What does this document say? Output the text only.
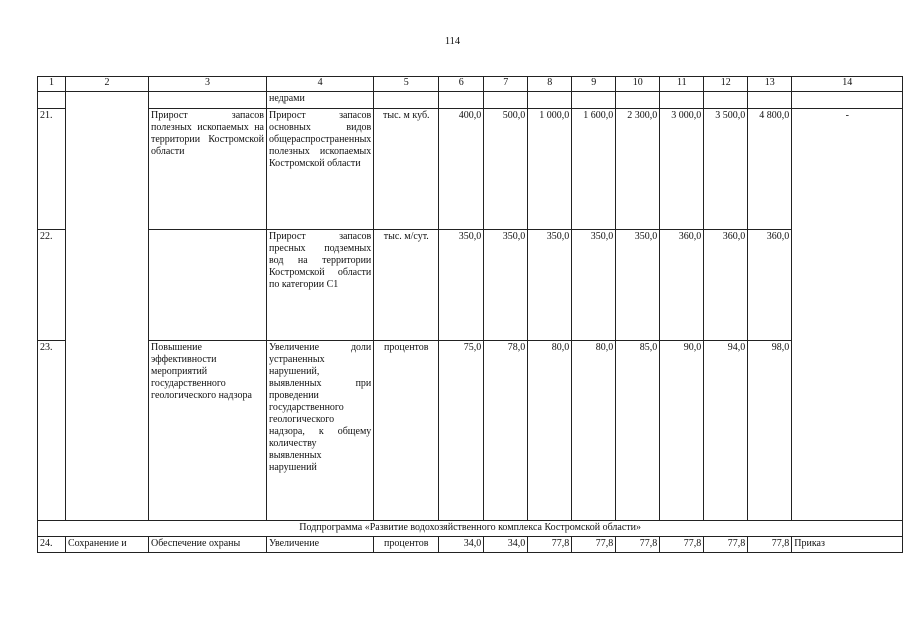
114
1	2	3	4	5	6	7	8	9	10	11	12	13	14
			недрами										
21.		Прирост запасов полезных ископаемых на территории Костромской области	Прирост запасов основных видов общераспространенных полезных ископаемых Костромской области	тыс. м куб.	400,0	500,0	1 000,0	1 600,0	2 300,0	3 000,0	3 500,0	4 800,0	-
22.			Прирост запасов пресных подземных вод на территории Костромской области по категории С1	тыс. м/сут.	350,0	350,0	350,0	350,0	350,0	360,0	360,0	360,0	
23.		Повышение эффективности мероприятий государственного геологического надзора	Увеличение доли устраненных нарушений, выявленных при проведении государственного геологического надзора, к общему количеству выявленных нарушений	процентов	75,0	78,0	80,0	80,0	85,0	90,0	94,0	98,0	
Подпрограмма «Развитие водохозяйственного комплекса Костромской области»													
24.	Сохранение и	Обеспечение охраны	Увеличение	процентов	34,0	34,0	77,8	77,8	77,8	77,8	77,8	77,8	Приказ
